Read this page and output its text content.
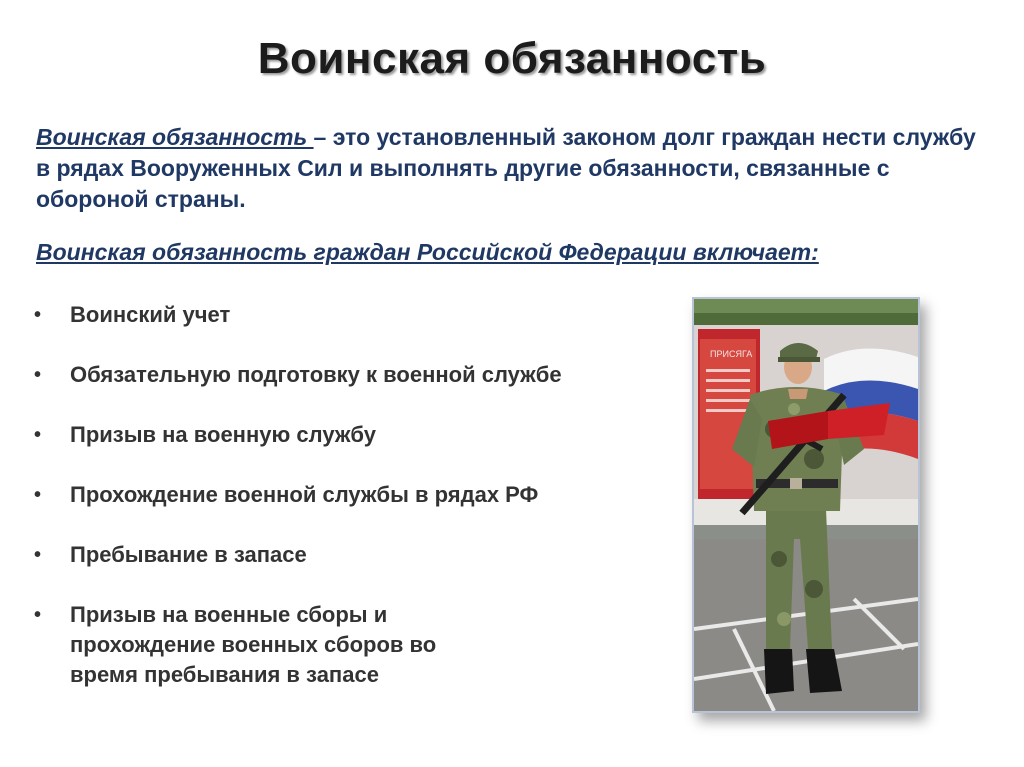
Воинская обязанность
Воинская обязанность – это установленный законом долг граждан нести службу в рядах Вооруженных Сил и выполнять другие обязанности, связанные с обороной страны.
Воинская обязанность граждан Российской Федерации включает:
• Воинский учет
• Обязательную подготовку к военной службе
• Призыв на военную службу
• Прохождение военной службы в рядах РФ
• Пребывание в запасе
• Призыв на военные сборы и прохождение военных сборов во время пребывания в запасе
ПРИСЯГА
